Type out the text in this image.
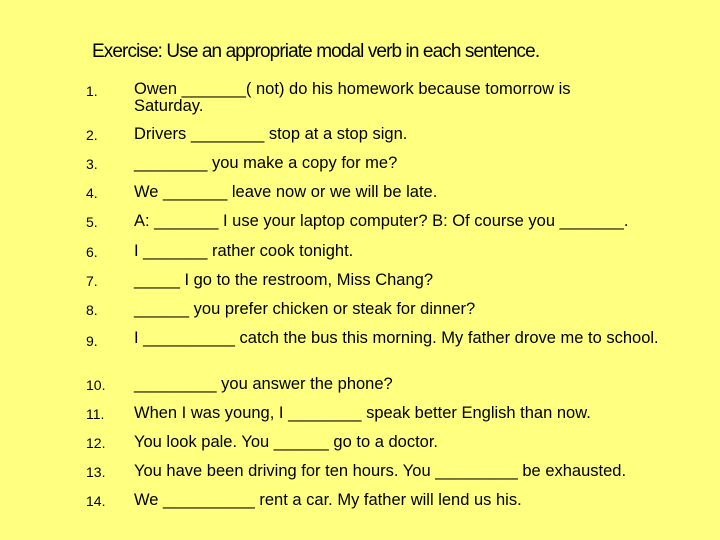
Exercise: Use an appropriate modal verb in each sentence.
1. Owen _______( not) do his homework because tomorrow is Saturday.
2. Drivers ________ stop at a stop sign.
3. ________ you make a copy for me?
4. We _______ leave now or we will be late.
5. A: _______ I use your laptop computer? B: Of course you _______.
6. I _______ rather cook tonight.
7. _____ I go to the restroom, Miss Chang?
8. ______ you prefer chicken or steak for dinner?
9. I __________ catch the bus this morning. My father drove me to school.
10. _________ you answer the phone?
11. When I was young, I ________ speak better English than now.
12. You look pale. You ______ go to a doctor.
13. You have been driving for ten hours. You _________ be exhausted.
14. We __________ rent a car. My father will lend us his.
